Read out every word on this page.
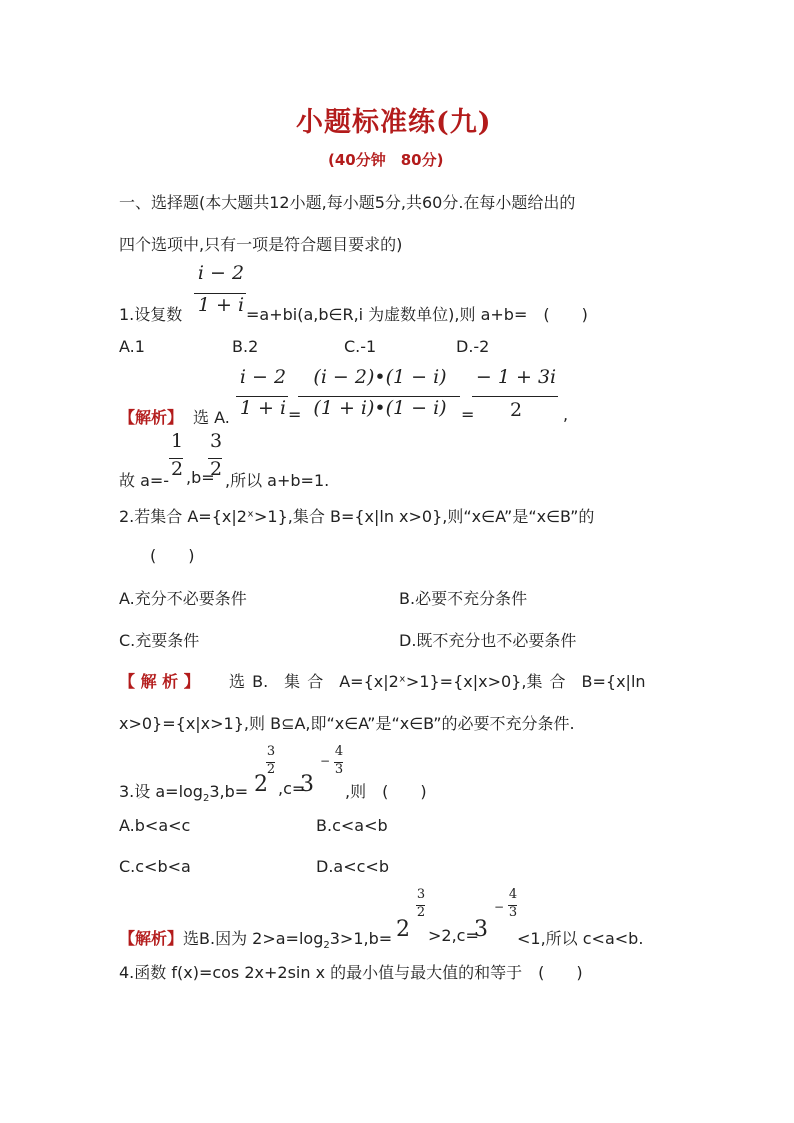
小题标准练(九)
(40分钟　80分)
一、选择题(本大题共12小题,每小题5分,共60分.在每小题给出的
四个选项中,只有一项是符合题目要求的)
i − 2
1 + i
1.设复数	=a+bi(a,b∈R,i 为虚数单位),则 a+b=　(　　)
A.1	B.2	C.-1	D.-2
【解析】 选 A.
i − 2
1 + i =
(i − 2)•(1 − i)
(1 + i)•(1 − i) =
− 1 + 3i
2	,
故 a=-
1
2 ,b=
3
2
,所以 a+b=1.
2.若集合 A={x|2ˣ>1},集合 B={x|ln x>0},则“x∈A”是“x∈B”的
(　　)
A.充分不必要条件	B.必要不充分条件
C.充要条件	D.既不充分也不必要条件
【 解 析 】 选 B.　集 合　A={x|2ˣ>1}={x|x>0},集 合　B={x|ln
x>0}={x|x>1},则 B⊆A,即“x∈A”是“x∈B”的必要不充分条件.
3.设 $a=\log_23,b= 2$
3
2
,c=
3
−
4
3
,则　(　　)
A.b<a<c	B.c<a<b
C.c<b<a	D.a<c<b
【解析】选B.因为 $2>a=\log_23>1,b= 2$
3
2
>2,c=
3
−
4
3
<1,所以 c<a<b.
4.函数 f(x)=cos 2x+2sin x 的最小值与最大值的和等于　(　　)
